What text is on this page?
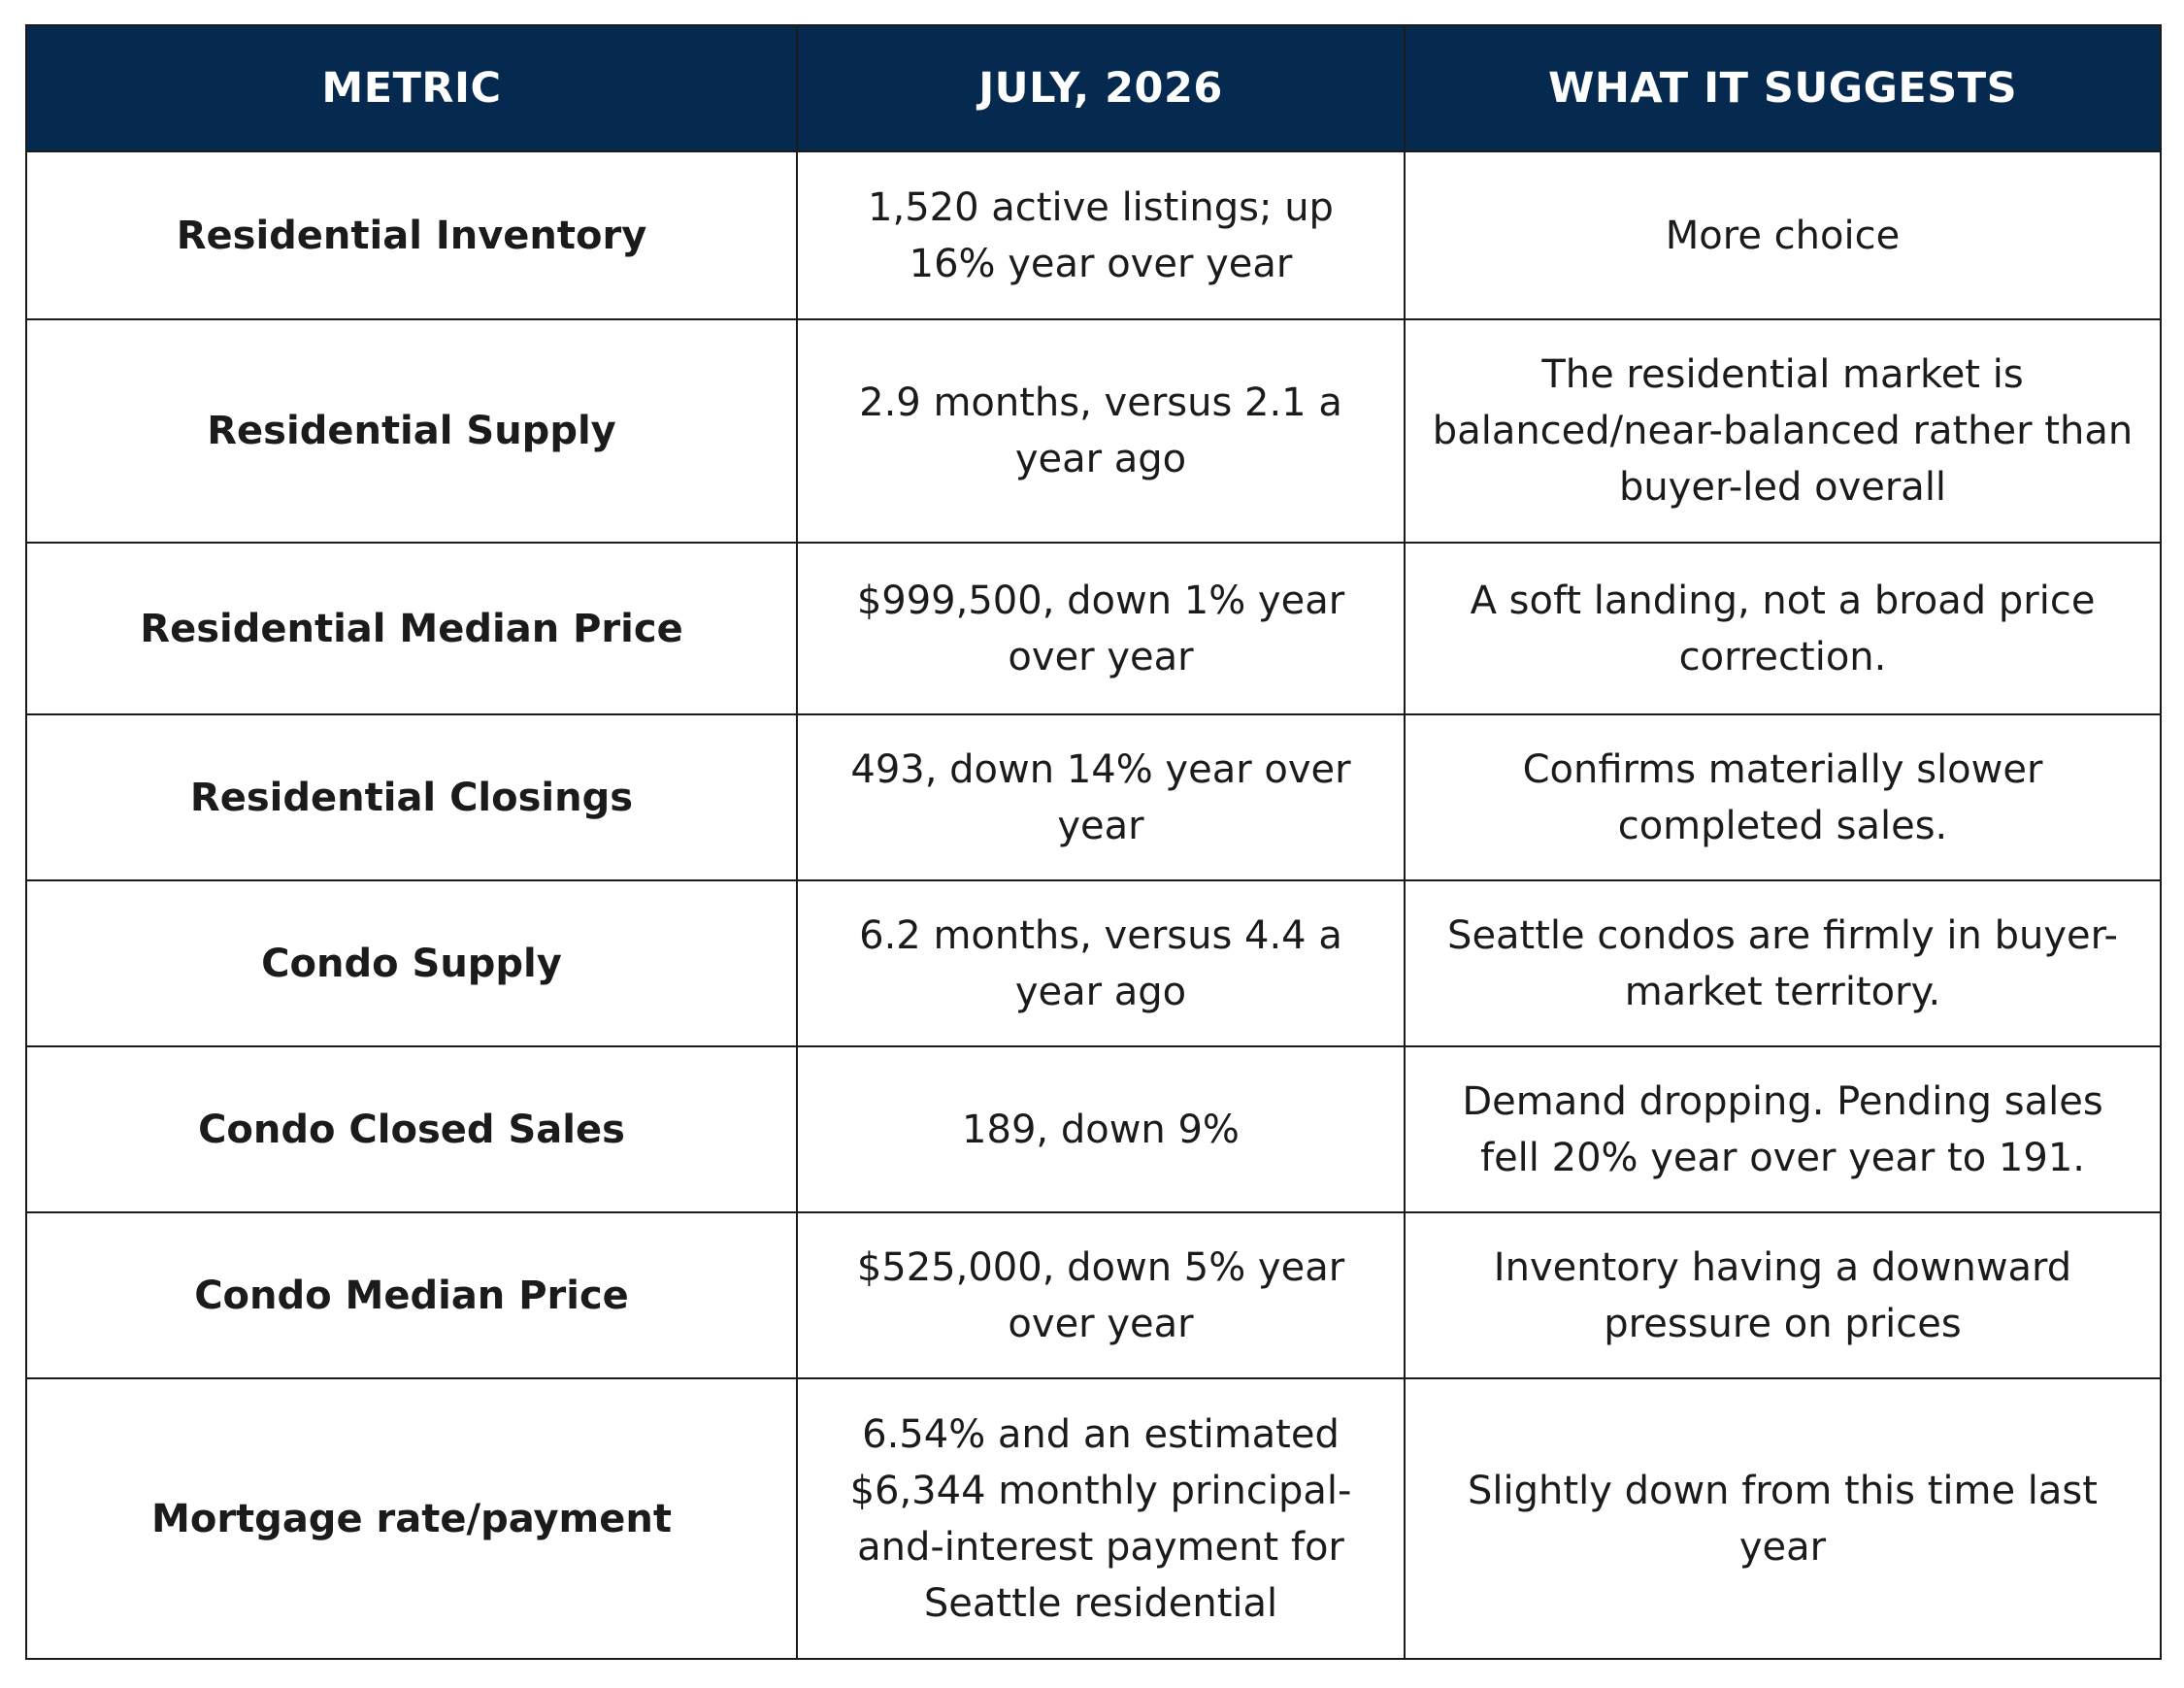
METRIC	JULY, 2026	WHAT IT SUGGESTS
Residential Inventory	1,520 active listings; up 16% year over year	More choice
Residential Supply	2.9 months, versus 2.1 a year ago	The residential market is balanced/near-balanced rather than buyer-led overall
Residential Median Price	$999,500, down 1% year over year	A soft landing, not a broad price correction.
Residential Closings	493, down 14% year over year	Confirms materially slower completed sales.
Condo Supply	6.2 months, versus 4.4 a year ago	Seattle condos are firmly in buyer-market territory.
Condo Closed Sales	189, down 9%	Demand dropping. Pending sales fell 20% year over year to 191.
Condo Median Price	$525,000, down 5% year over year	Inventory having a downward pressure on prices
Mortgage rate/payment	6.54% and an estimated $6,344 monthly principal-and-interest payment for Seattle residential	Slightly down from this time last year
